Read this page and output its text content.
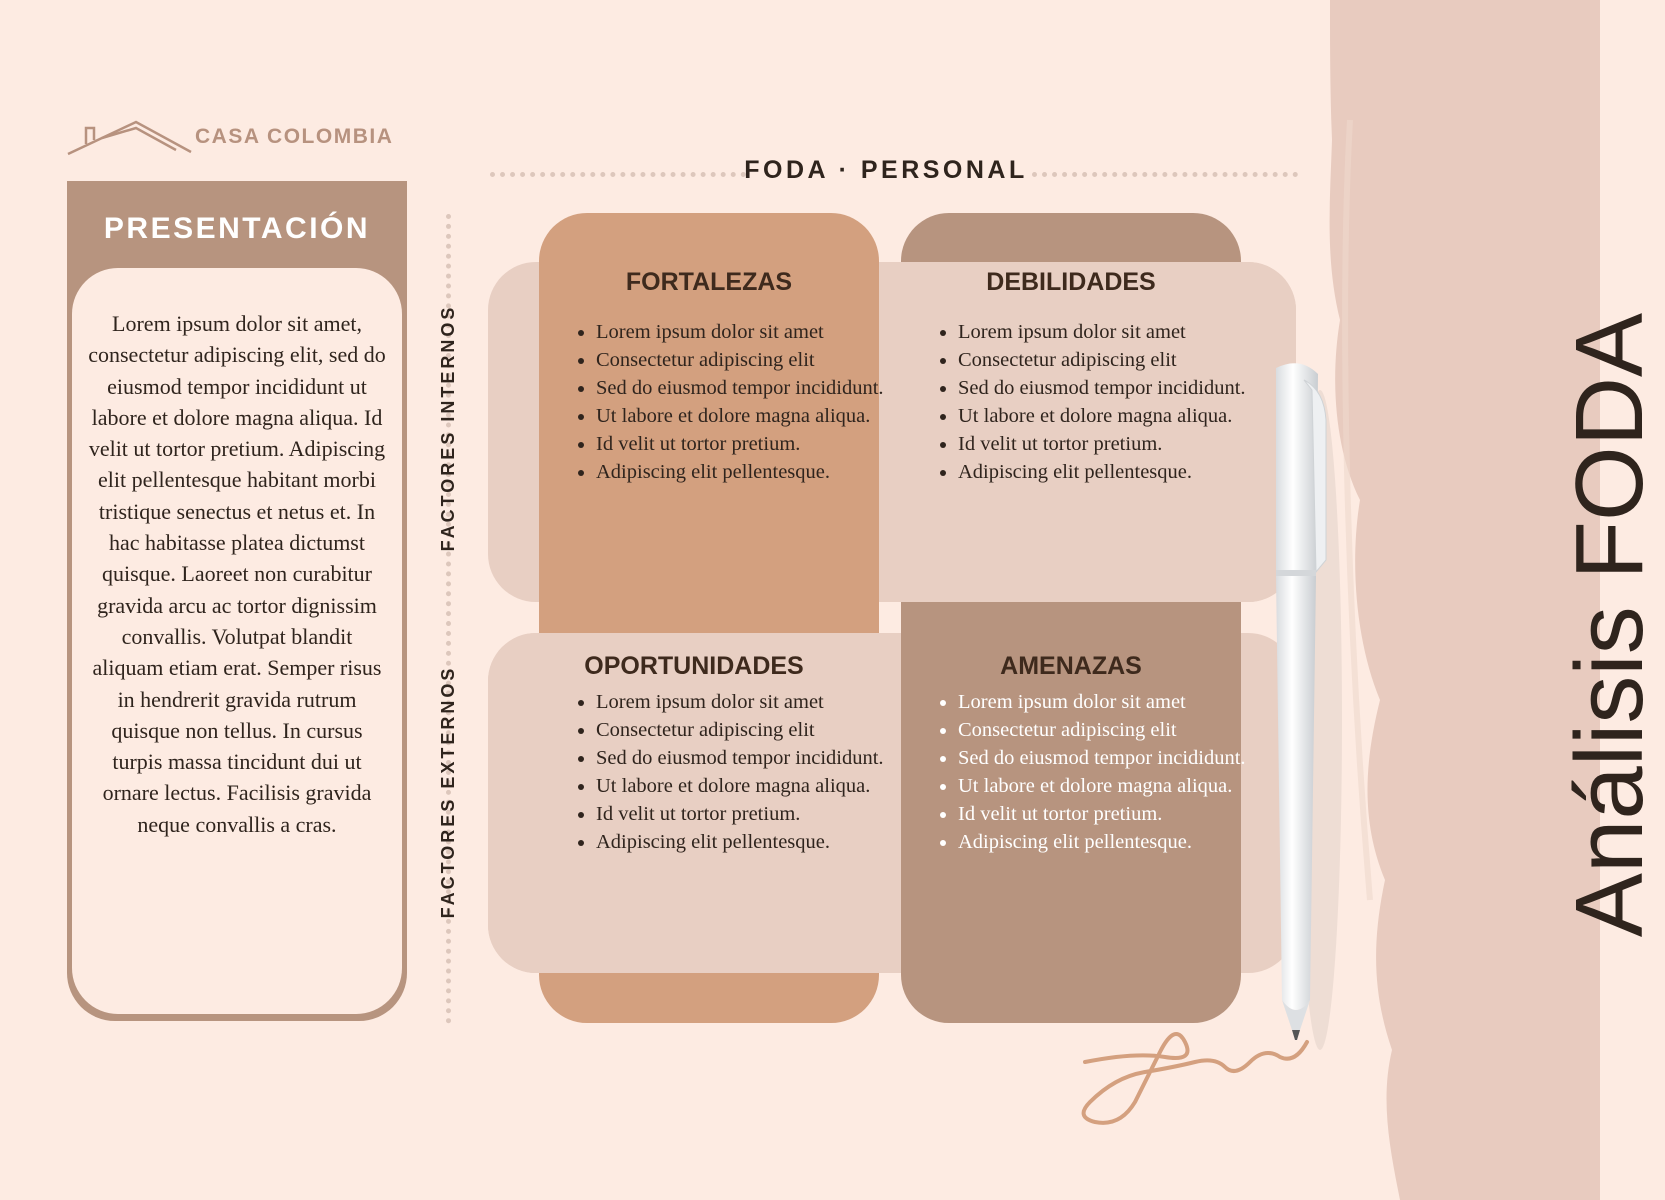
CASA COLOMBIA
PRESENTACIÓN
Lorem ipsum dolor sit amet, consectetur adipiscing elit, sed do eiusmod tempor incididunt ut labore et dolore magna aliqua. Id velit ut tortor pretium. Adipiscing elit pellentesque habitant morbi tristique senectus et netus et. In hac habitasse platea dictumst quisque. Laoreet non curabitur gravida arcu ac tortor dignissim convallis. Volutpat blandit aliquam etiam erat. Semper risus in hendrerit gravida rutrum quisque non tellus. In cursus turpis massa tincidunt dui ut ornare lectus. Facilisis gravida neque convallis a cras.
FACTORES INTERNOS
FACTORES EXTERNOS
FODA · PERSONAL
FORTALEZAS
• Lorem ipsum dolor sit amet
• Consectetur adipiscing elit
• Sed do eiusmod tempor incididunt.
• Ut labore et dolore magna aliqua.
• Id velit ut tortor pretium.
• Adipiscing elit pellentesque.
DEBILIDADES
• Lorem ipsum dolor sit amet
• Consectetur adipiscing elit
• Sed do eiusmod tempor incididunt.
• Ut labore et dolore magna aliqua.
• Id velit ut tortor pretium.
• Adipiscing elit pellentesque.
OPORTUNIDADES
• Lorem ipsum dolor sit amet
• Consectetur adipiscing elit
• Sed do eiusmod tempor incididunt.
• Ut labore et dolore magna aliqua.
• Id velit ut tortor pretium.
• Adipiscing elit pellentesque.
AMENAZAS
• Lorem ipsum dolor sit amet
• Consectetur adipiscing elit
• Sed do eiusmod tempor incididunt.
• Ut labore et dolore magna aliqua.
• Id velit ut tortor pretium.
• Adipiscing elit pellentesque.	Análisis FODA
